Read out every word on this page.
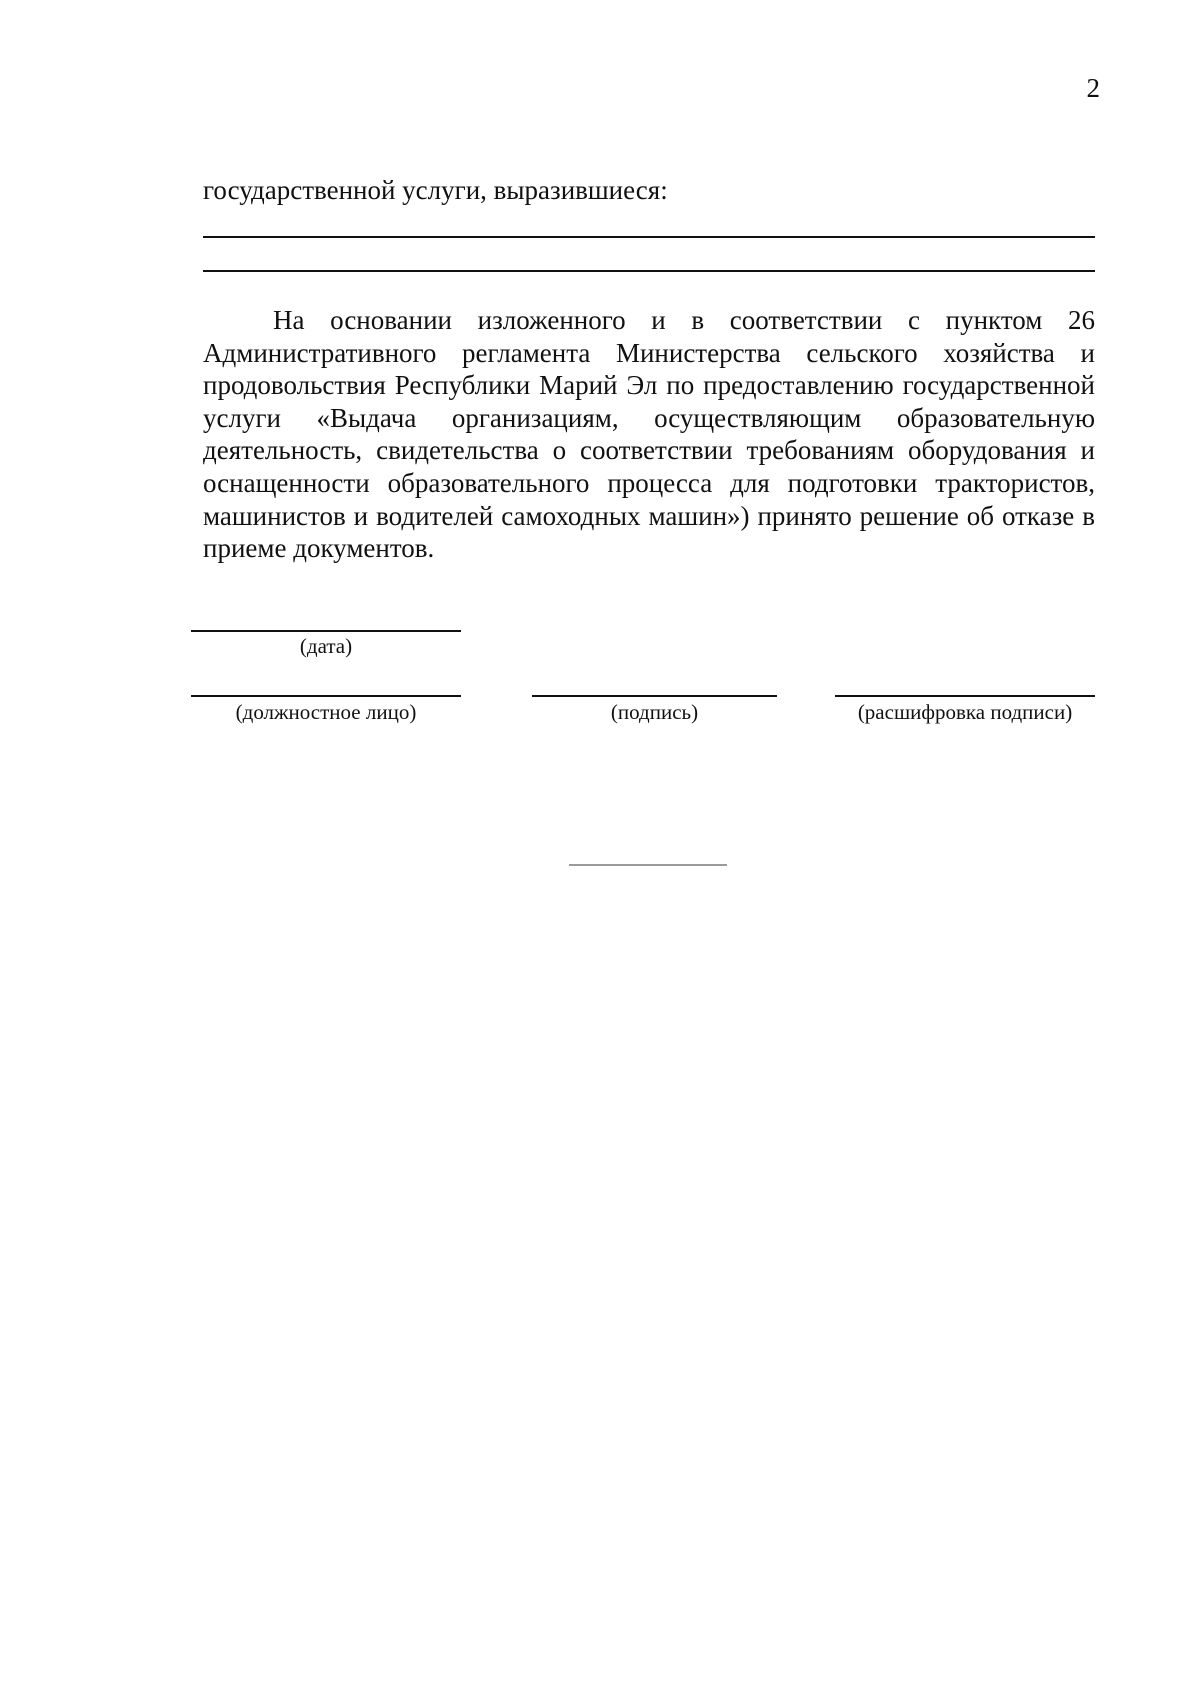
2
государственной услуги, выразившиеся:

На основании изложенного и в соответствии с пунктом 26 Административного регламента Министерства сельского хозяйства и продовольствия Республики Марий Эл по предоставлению государственной услуги «Выдача организациям, осуществляющим образовательную деятельность, свидетельства о соответствии требованиям оборудования и оснащенности образовательного процесса для подготовки трактористов, машинистов и водителей самоходных машин») принято решение об отказе в приеме документов.

(дата)
(должностное лицо)	(подпись)	(расшифровка подписи)
